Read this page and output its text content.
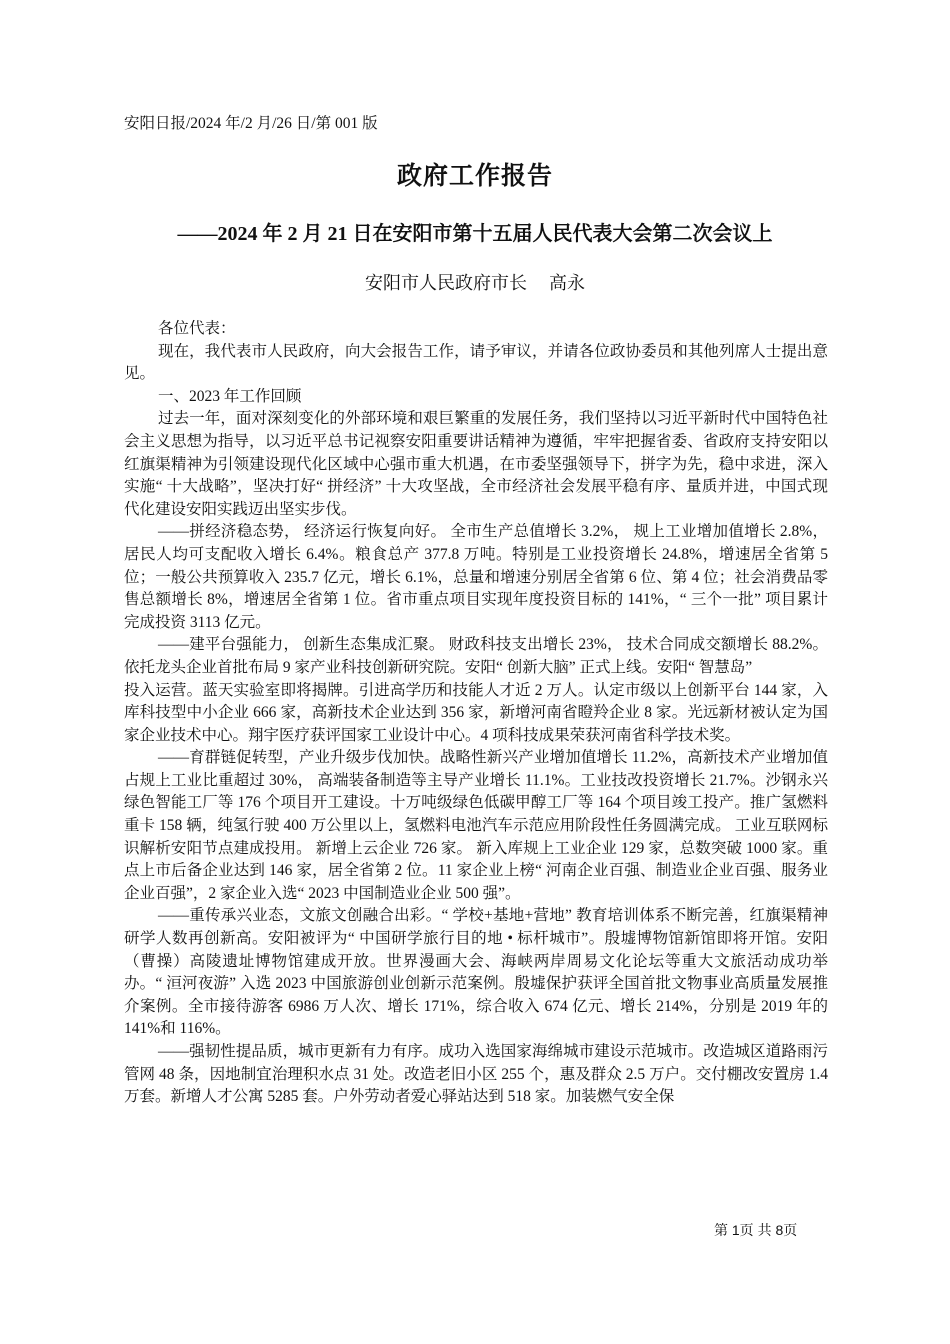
安阳日报/2024 年/2 月/26 日/第 001 版
政府工作报告
——2024 年 2 月 21 日在安阳市第十五届人民代表大会第二次会议上
安阳市人民政府市长 高永

各位代表：

现在，我代表市人民政府，向大会报告工作，请予审议，并请各位政协委员和其他列席人士提出意见。

一、2023 年工作回顾

过去一年，面对深刻变化的外部环境和艰巨繁重的发展任务，我们坚持以习近平新时代中国特色社会主义思想为指导，以习近平总书记视察安阳重要讲话精神为遵循，牢牢把握省委、省政府支持安阳以红旗渠精神为引领建设现代化区域中心强市重大机遇，在市委坚强领导下，拼字为先，稳中求进，深入实施“ 十大战略”，坚决打好“ 拼经济” 十大攻坚战，全市经济社会发展平稳有序、量质并进，中国式现代化建设安阳实践迈出坚实步伐。

——拼经济稳态势， 经济运行恢复向好。 全市生产总值增长 3.2%， 规上工业增加值增长 2.8%，居民人均可支配收入增长 6.4%。粮食总产 377.8 万吨。特别是工业投资增长 24.8%，增速居全省第 5 位；一般公共预算收入 235.7 亿元，增长 6.1%，总量和增速分别居全省第 6 位、第 4 位；社会消费品零售总额增长 8%，增速居全省第 1 位。省市重点项目实现年度投资目标的 141%，“ 三个一批” 项目累计完成投资 3113 亿元。

——建平台强能力， 创新生态集成汇聚。 财政科技支出增长 23%， 技术合同成交额增长 88.2%。依托龙头企业首批布局 9 家产业科技创新研究院。安阳“ 创新大脑” 正式上线。安阳“ 智慧岛”

投入运营。蓝天实验室即将揭牌。引进高学历和技能人才近 2 万人。认定市级以上创新平台 144 家，入库科技型中小企业 666 家，高新技术企业达到 356 家，新增河南省瞪羚企业 8 家。光远新材被认定为国家企业技术中心。翔宇医疗获评国家工业设计中心。4 项科技成果荣获河南省科学技术奖。

——育群链促转型，产业升级步伐加快。战略性新兴产业增加值增长 11.2%，高新技术产业增加值占规上工业比重超过 30%， 高端装备制造等主导产业增长 11.1%。工业技改投资增长 21.7%。沙钢永兴绿色智能工厂等 176 个项目开工建设。十万吨级绿色低碳甲醇工厂等 164 个项目竣工投产。推广氢燃料重卡 158 辆，纯氢行驶 400 万公里以上，氢燃料电池汽车示范应用阶段性任务圆满完成。 工业互联网标识解析安阳节点建成投用。 新增上云企业 726 家。 新入库规上工业企业 129 家，总数突破 1000 家。重点上市后备企业达到 146 家，居全省第 2 位。11 家企业上榜“ 河南企业百强、制造业企业百强、服务业企业百强”，2 家企业入选“ 2023 中国制造业企业 500 强”。

——重传承兴业态，文旅文创融合出彩。“ 学校+基地+营地” 教育培训体系不断完善，红旗渠精神研学人数再创新高。安阳被评为“ 中国研学旅行目的地 • 标杆城市”。殷墟博物馆新馆即将开馆。安阳（曹操）高陵遗址博物馆建成开放。世界漫画大会、海峡两岸周易文化论坛等重大文旅活动成功举办。“ 洹河夜游” 入选 2023 中国旅游创业创新示范案例。殷墟保护获评全国首批文物事业高质量发展推介案例。全市接待游客 6986 万人次、增长 171%，综合收入 674 亿元、增长 214%，分别是 2019 年的 141%和 116%。

——强韧性提品质，城市更新有力有序。成功入选国家海绵城市建设示范城市。改造城区道路雨污管网 48 条，因地制宜治理积水点 31 处。改造老旧小区 255 个，惠及群众 2.5 万户。交付棚改安置房 1.4 万套。新增人才公寓 5285 套。户外劳动者爱心驿站达到 518 家。加装燃气安全保

第 1页 共 8页
